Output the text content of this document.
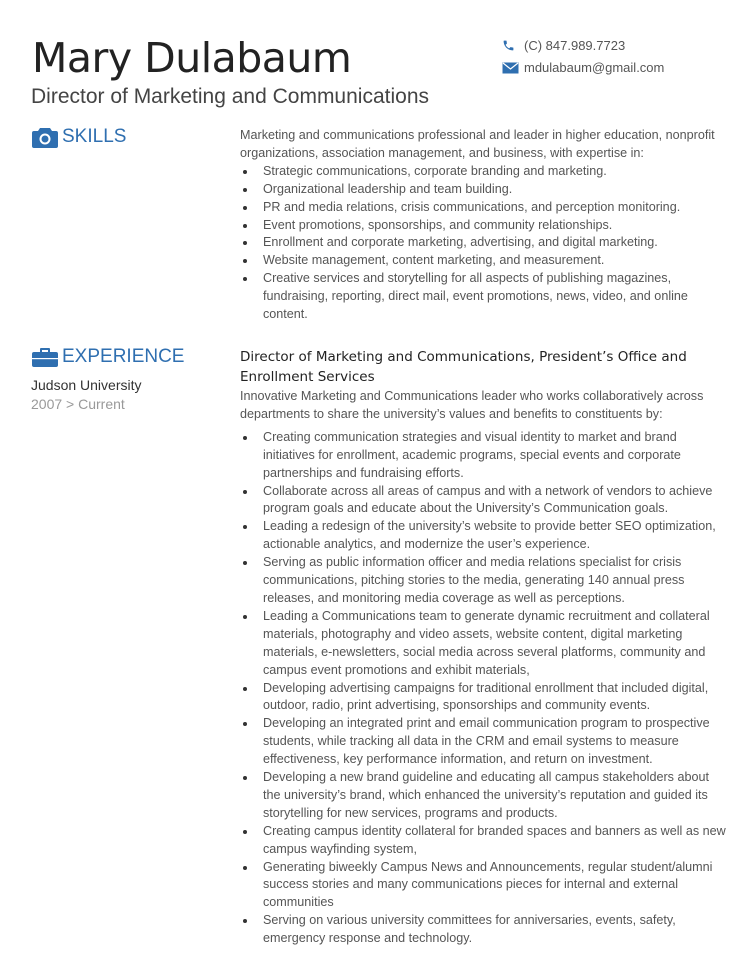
Mary Dulabaum
Director of Marketing and Communications
(C) 847.989.7723
mdulabaum@gmail.com
SKILLS	Marketing and communications professional and leader in higher education, nonprofit organizations, association management, and business, with expertise in:

Strategic communications, corporate branding and marketing.
Organizational leadership and team building.
PR and media relations, crisis communications, and perception monitoring.
Event promotions, sponsorships, and community relationships.
Enrollment and corporate marketing, advertising, and digital marketing.
Website management, content marketing, and measurement.
Creative services and storytelling for all aspects of publishing magazines, fundraising, reporting, direct mail, event promotions, news, video, and online content.
EXPERIENCE
Judson University
2007 > Current
Director of Marketing and Communications, President’s Office and Enrollment Services

Innovative Marketing and Communications leader who works collaboratively across departments to share the university’s values and benefits to constituents by:

Creating communication strategies and visual identity to market and brand initiatives for enrollment, academic programs, special events and corporate partnerships and fundraising efforts.
Collaborate across all areas of campus and with a network of vendors to achieve program goals and educate about the University’s Communication goals.
Leading a redesign of the university’s website to provide better SEO optimization, actionable analytics, and modernize the user’s experience.
Serving as public information officer and media relations specialist for crisis communications, pitching stories to the media, generating 140 annual press releases, and monitoring media coverage as well as perceptions.
Leading a Communications team to generate dynamic recruitment and collateral materials, photography and video assets, website content, digital marketing materials, e-newsletters, social media across several platforms, community and campus event promotions and exhibit materials,
Developing advertising campaigns for traditional enrollment that included digital, outdoor, radio, print advertising, sponsorships and community events.
Developing an integrated print and email communication program to prospective students, while tracking all data in the CRM and email systems to measure effectiveness, key performance information, and return on investment.
Developing a new brand guideline and educating all campus stakeholders about the university’s brand, which enhanced the university’s reputation and guided its storytelling for new services, programs and products.
Creating campus identity collateral for branded spaces and banners as well as new campus wayfinding system,
Generating biweekly Campus News and Announcements, regular student/alumni success stories and many communications pieces for internal and external communities
Serving on various university committees for anniversaries, events, safety, emergency response and technology.
